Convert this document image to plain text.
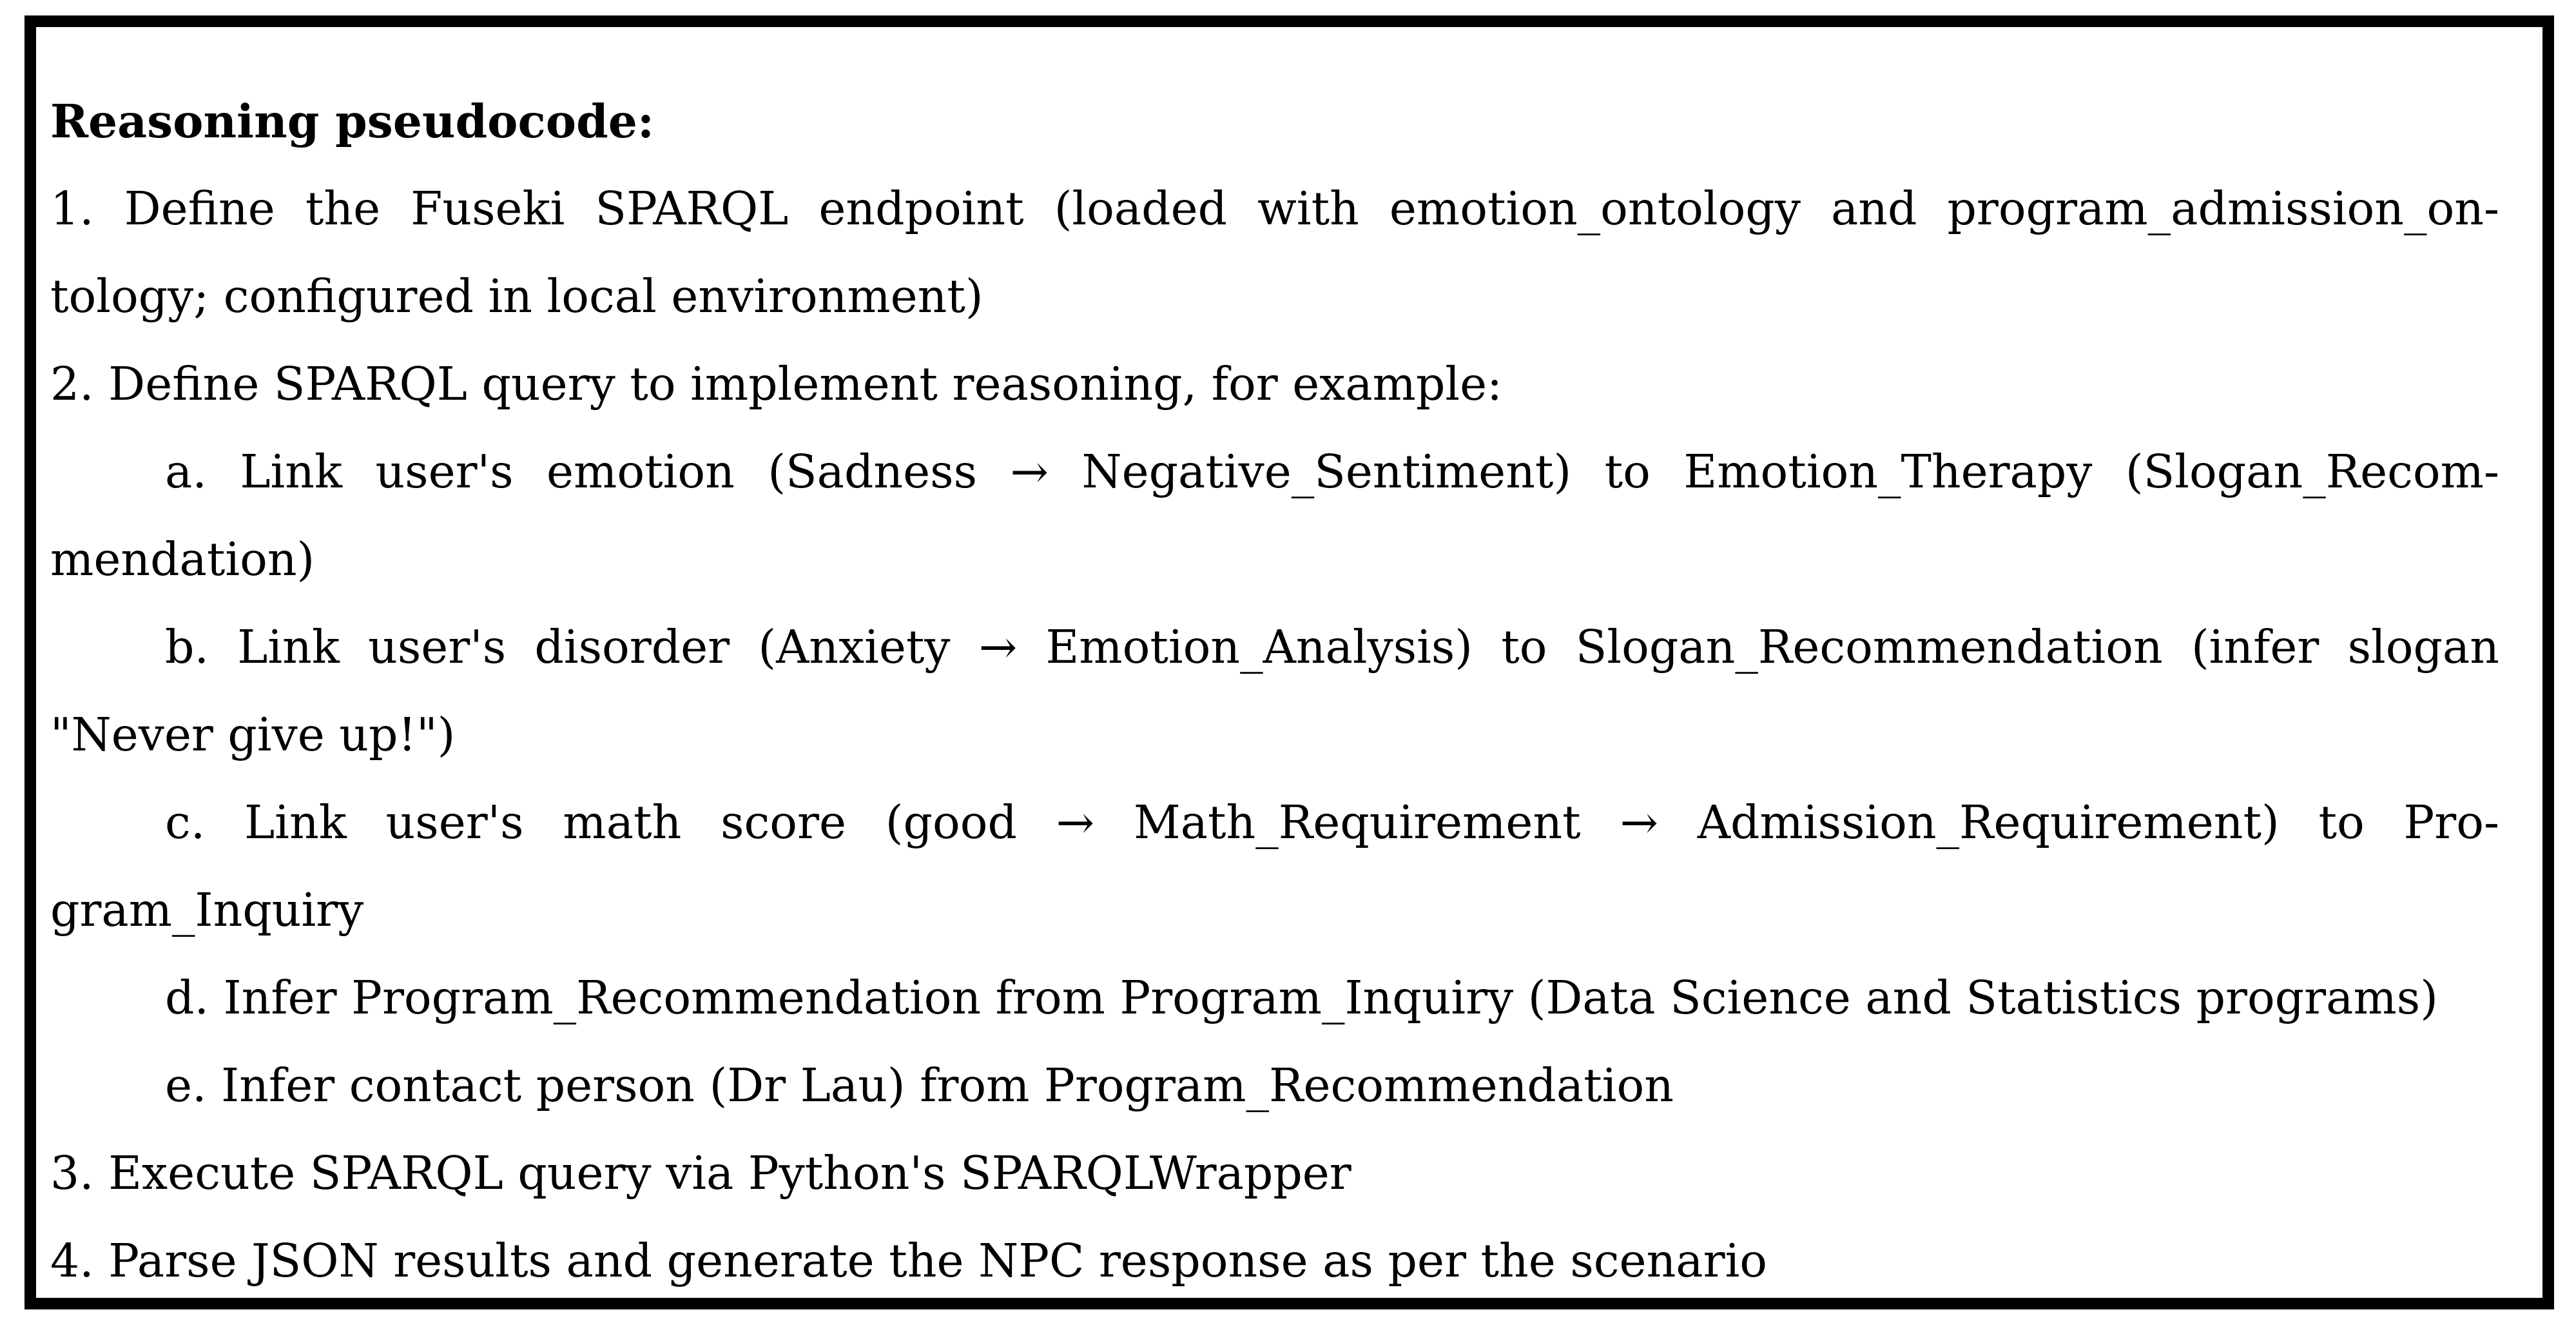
Reasoning pseudocode:
1. Define the Fuseki SPARQL endpoint (loaded with emotion_ontology and program_admission_on-
tology; configured in local environment)
2. Define SPARQL query to implement reasoning, for example:
a. Link user's emotion (Sadness → Negative_Sentiment) to Emotion_Therapy (Slogan_Recom-
mendation)
b. Link user's disorder (Anxiety → Emotion_Analysis) to Slogan_Recommendation (infer slogan
"Never give up!")
c. Link user's math score (good → Math_Requirement → Admission_Requirement) to Pro-
gram_Inquiry
d. Infer Program_Recommendation from Program_Inquiry (Data Science and Statistics programs)
e. Infer contact person (Dr Lau) from Program_Recommendation
3. Execute SPARQL query via Python's SPARQLWrapper
4. Parse JSON results and generate the NPC response as per the scenario
